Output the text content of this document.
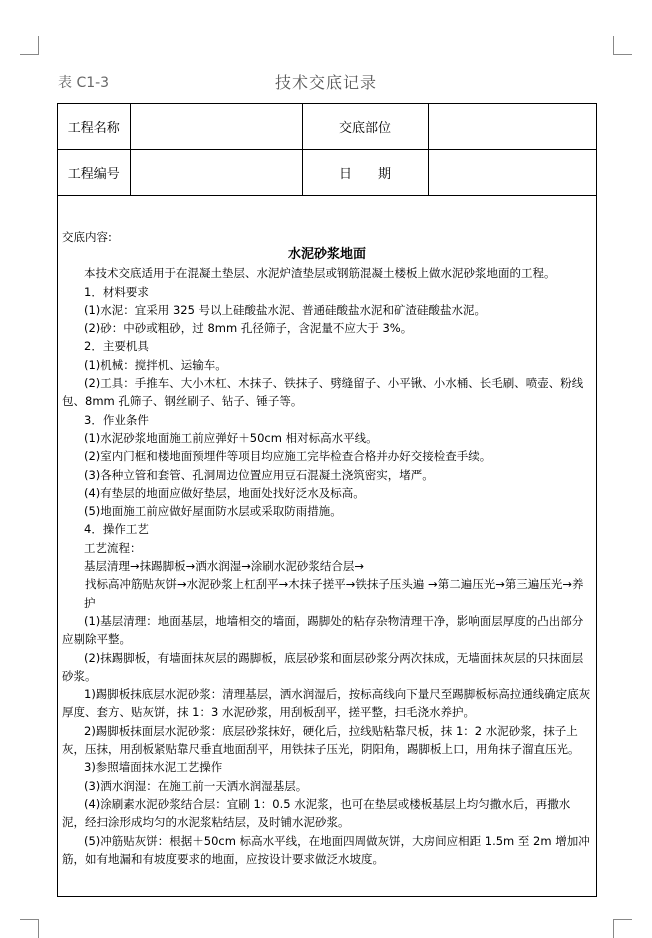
表 C1-3	技术交底记录
工程名称		交底部位	
工程编号		日　　期	
交底内容:
水泥砂浆地面
本技术交底适用于在混凝土垫层、水泥炉渣垫层或钢筋混凝土楼板上做水泥砂浆地面的工程。
1．材料要求
(1)水泥：宜采用 325 号以上硅酸盐水泥、普通硅酸盐水泥和矿渣硅酸盐水泥。
(2)砂：中砂或粗砂，过 8mm 孔径筛子，含泥量不应大于 3%。
2．主要机具
(1)机械：搅拌机、运输车。
(2)工具：手推车、大小木杠、木抹子、铁抹子、劈缝留子、小平锹、小水桶、长毛刷、喷壶、粉线包、8mm 孔筛子、钢丝刷子、钻子、锤子等。
3．作业条件
(1)水泥砂浆地面施工前应弹好＋50cm 相对标高水平线。
(2)室内门框和楼地面预埋件等项目均应施工完毕检查合格并办好交接检查手续。
(3)各种立管和套管、孔洞周边位置应用豆石混凝土浇筑密实，堵严。
(4)有垫层的地面应做好垫层，地面处找好泛水及标高。
(5)地面施工前应做好屋面防水层或采取防雨措施。
4．操作工艺
工艺流程：
基层清理→抹踢脚板→洒水润湿→涂刷水泥砂浆结合层→
　　找标高冲筋贴灰饼→水泥砂浆上杠刮平→木抹子搓平→铁抹子压头遍 →第二遍压光→第三遍压光→养护
(1)基层清理：地面基层，地墙相交的墙面，踢脚处的粘存杂物清理干净，影响面层厚度的凸出部分应剔除平整。
(2)抹踢脚板，有墙面抹灰层的踢脚板，底层砂浆和面层砂浆分两次抹成，无墙面抹灰层的只抹面层砂浆。
1)踢脚板抹底层水泥砂浆：清理基层，洒水润湿后，按标高线向下量尺至踢脚板标高拉通线确定底灰厚度、套方、贴灰饼，抹 1：3 水泥砂浆，用刮板刮平，搓平整，扫毛浇水养护。
2)踢脚板抹面层水泥砂浆：底层砂浆抹好，硬化后，拉线贴粘靠尺板，抹 1：2 水泥砂浆，抹子上灰，压抹，用刮板紧贴靠尺垂直地面刮平，用铁抹子压光，阴阳角，踢脚板上口，用角抹子溜直压光。
3)参照墙面抹水泥工艺操作
(3)洒水润湿：在施工前一天洒水润湿基层。
(4)涂刷素水泥砂浆结合层：宜刷 1：0.5 水泥浆，也可在垫层或楼板基层上均匀撒水后，再撒水泥，经扫涂形成均匀的水泥浆粘结层，及时铺水泥砂浆。
(5)冲筋贴灰饼：根据＋50cm 标高水平线，在地面四周做灰饼，大房间应相距 1.5m 至 2m 增加冲筋，如有地漏和有坡度要求的地面，应按设计要求做泛水坡度。
